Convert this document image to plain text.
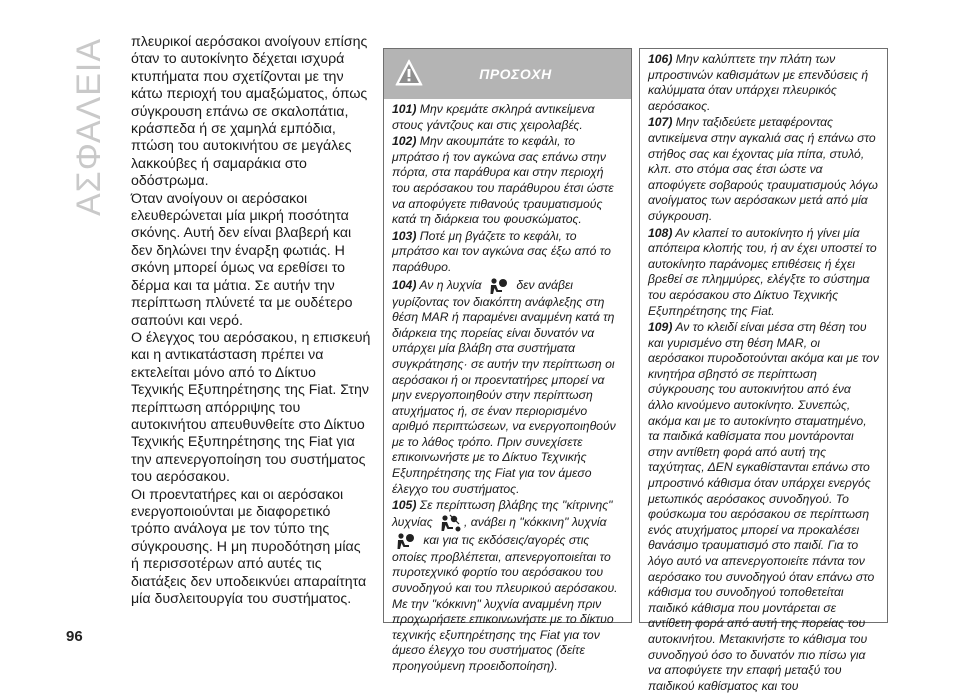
ΑΣΦΑΛΕΙΑ πλευρικοί αερόσακοι ανοίγουν επίσης όταν το αυτοκίνητο δέχεται ισχυρά κτυπήματα που σχετίζονται με την κάτω περιοχή του αμαξώματος, όπως σύγκρουση επάνω σε σκαλοπάτια, κράσπεδα ή σε χαμηλά εμπόδια, πτώση του αυτοκινήτου σε μεγάλες λακκούβες ή σαμαράκια στο οδόστρωμα.

Όταν ανοίγουν οι αερόσακοι ελευθερώνεται μία μικρή ποσότητα σκόνης. Αυτή δεν είναι βλαβερή και δεν δηλώνει την έναρξη φωτιάς. Η σκόνη μπορεί όμως να ερεθίσει το δέρμα και τα μάτια. Σε αυτήν την περίπτωση πλύνετέ τα με ουδέτερο σαπούνι και νερό.

Ο έλεγχος του αερόσακου, η επισκευή και η αντικατάσταση πρέπει να εκτελείται μόνο από το Δίκτυο Τεχνικής Εξυπηρέτησης της Fiat. Στην περίπτωση απόρριψης του αυτοκινήτου απευθυνθείτε στο Δίκτυο Τεχνικής Εξυπηρέτησης της Fiat για την απενεργοποίηση του συστήματος του αερόσακου.

Οι προεντατήρες και οι αερόσακοι ενεργοποιούνται με διαφορετικό τρόπο ανάλογα με τον τύπο της σύγκρουσης. Η μη πυροδότηση μίας ή περισσοτέρων από αυτές τις διατάξεις δεν υποδεικνύει απαραίτητα μία δυσλειτουργία του συστήματος.

ΠΡΟΣΟΧΗ

101) Μην κρεμάτε σκληρά αντικείμενα στους γάντζους και στις χειρολαβές.

102) Μην ακουμπάτε το κεφάλι, το μπράτσο ή τον αγκώνα σας επάνω στην πόρτα, στα παράθυρα και στην περιοχή του αερόσακου του παράθυρου έτσι ώστε να αποφύγετε πιθανούς τραυματισμούς κατά τη διάρκεια του φουσκώματος.

103) Ποτέ μη βγάζετε το κεφάλι, το μπράτσο και τον αγκώνα σας έξω από το παράθυρο.

104) Αν η λυχνία  δεν ανάβει γυρίζοντας τον διακόπτη ανάφλεξης στη θέση MAR ή παραμένει αναμμένη κατά τη διάρκεια της πορείας είναι δυνατόν να υπάρχει μία βλάβη στα συστήματα συγκράτησης· σε αυτήν την περίπτωση οι αερόσακοι ή οι προεντατήρες μπορεί να μην ενεργοποιηθούν στην περίπτωση ατυχήματος ή, σε έναν περιορισμένο αριθμό περιπτώσεων, να ενεργοποιηθούν με το λάθος τρόπο. Πριν συνεχίσετε επικοινωνήστε με το Δίκτυο Τεχνικής Εξυπηρέτησης της Fiat για τον άμεσο έλεγχο του συστήματος.

105) Σε περίπτωση βλάβης της "κίτρινης" λυχνίας , ανάβει η "κόκκινη" λυχνία  και για τις εκδόσεις/αγορές στις οποίες προβλέπεται, απενεργοποιείται το πυροτεχνικό φορτίο του αερόσακου του συνοδηγού και του πλευρικού αερόσακου. Με την "κόκκινη" λυχνία αναμμένη πριν προχωρήσετε επικοινωνήστε με το δίκτυο τεχνικής εξυπηρέτησης της Fiat για τον άμεσο έλεγχο του συστήματος (δείτε προηγούμενη προειδοποίηση).

106) Μην καλύπτετε την πλάτη των μπροστινών καθισμάτων με επενδύσεις ή καλύμματα όταν υπάρχει πλευρικός αερόσακος.

107) Μην ταξιδεύετε μεταφέροντας αντικείμενα στην αγκαλιά σας ή επάνω στο στήθος σας και έχοντας μία πίπα, στυλό, κλπ. στο στόμα σας έτσι ώστε να αποφύγετε σοβαρούς τραυματισμούς λόγω ανοίγματος των αερόσακων μετά από μία σύγκρουση.

108) Αν κλαπεί το αυτοκίνητο ή γίνει μία απόπειρα κλοπής του, ή αν έχει υποστεί το αυτοκίνητο παράνομες επιθέσεις ή έχει βρεθεί σε πλημμύρες, ελέγξτε το σύστημα του αερόσακου στο Δίκτυο Τεχνικής Εξυπηρέτησης της Fiat.

109) Αν το κλειδί είναι μέσα στη θέση του και γυρισμένο στη θέση MAR, οι αερόσακοι πυροδοτούνται ακόμα και με τον κινητήρα σβηστό σε περίπτωση σύγκρουσης του αυτοκινήτου από ένα άλλο κινούμενο αυτοκίνητο. Συνεπώς, ακόμα και με το αυτοκίνητο σταματημένο, τα παιδικά καθίσματα που μοντάρονται στην αντίθετη φορά από αυτή της ταχύτητας, ΔΕΝ εγκαθίστανται επάνω στο μπροστινό κάθισμα όταν υπάρχει ενεργός μετωπικός αερόσακος συνοδηγού. Το φούσκωμα του αερόσακου σε περίπτωση ενός ατυχήματος μπορεί να προκαλέσει θανάσιμο τραυματισμό στο παιδί. Για το λόγο αυτό να απενεργοποιείτε πάντα τον αερόσακο του συνοδηγού όταν επάνω στο κάθισμα του συνοδηγού τοποθετείται παιδικό κάθισμα που μοντάρεται σε αντίθετη φορά από αυτή της πορείας του αυτοκινήτου. Μετακινήστε το κάθισμα του συνοδηγού όσο το δυνατόν πιο πίσω για να αποφύγετε την επαφή μεταξύ του παιδικού καθίσματος και του

96
